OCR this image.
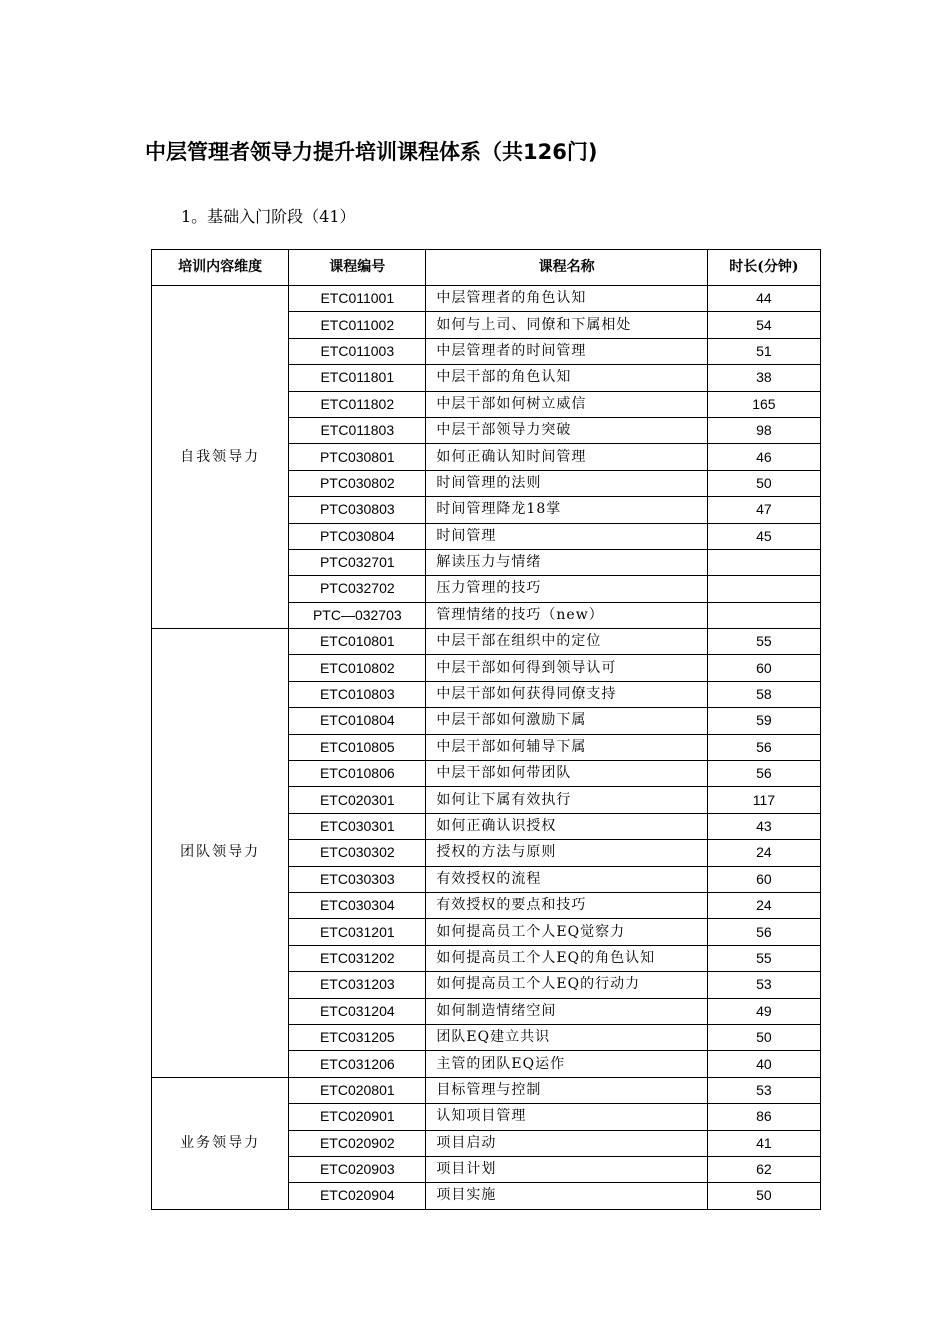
中层管理者领导力提升培训课程体系（共126门)
1。基础入门阶段（41）
培训内容维度	课程编号	课程名称	时长(分钟)
自我领导力	ETC011001	中层管理者的角色认知	44
	ETC011002	如何与上司、同僚和下属相处	54
	ETC011003	中层管理者的时间管理	51
	ETC011801	中层干部的角色认知	38
	ETC011802	中层干部如何树立威信	165
	ETC011803	中层干部领导力突破	98
	PTC030801	如何正确认知时间管理	46
	PTC030802	时间管理的法则	50
	PTC030803	时间管理降龙18掌	47
	PTC030804	时间管理	45
	PTC032701	解读压力与情绪	
	PTC032702	压力管理的技巧	
	PTC—032703	管理情绪的技巧（new）	
团队领导力	ETC010801	中层干部在组织中的定位	55
	ETC010802	中层干部如何得到领导认可	60
	ETC010803	中层干部如何获得同僚支持	58
	ETC010804	中层干部如何激励下属	59
	ETC010805	中层干部如何辅导下属	56
	ETC010806	中层干部如何带团队	56
	ETC020301	如何让下属有效执行	117
	ETC030301	如何正确认识授权	43
	ETC030302	授权的方法与原则	24
	ETC030303	有效授权的流程	60
	ETC030304	有效授权的要点和技巧	24
	ETC031201	如何提高员工个人EQ觉察力	56
	ETC031202	如何提高员工个人EQ的角色认知	55
	ETC031203	如何提高员工个人EQ的行动力	53
	ETC031204	如何制造情绪空间	49
	ETC031205	团队EQ建立共识	50
	ETC031206	主管的团队EQ运作	40
业务领导力	ETC020801	目标管理与控制	53
	ETC020901	认知项目管理	86
	ETC020902	项目启动	41
	ETC020903	项目计划	62
	ETC020904	项目实施	50
